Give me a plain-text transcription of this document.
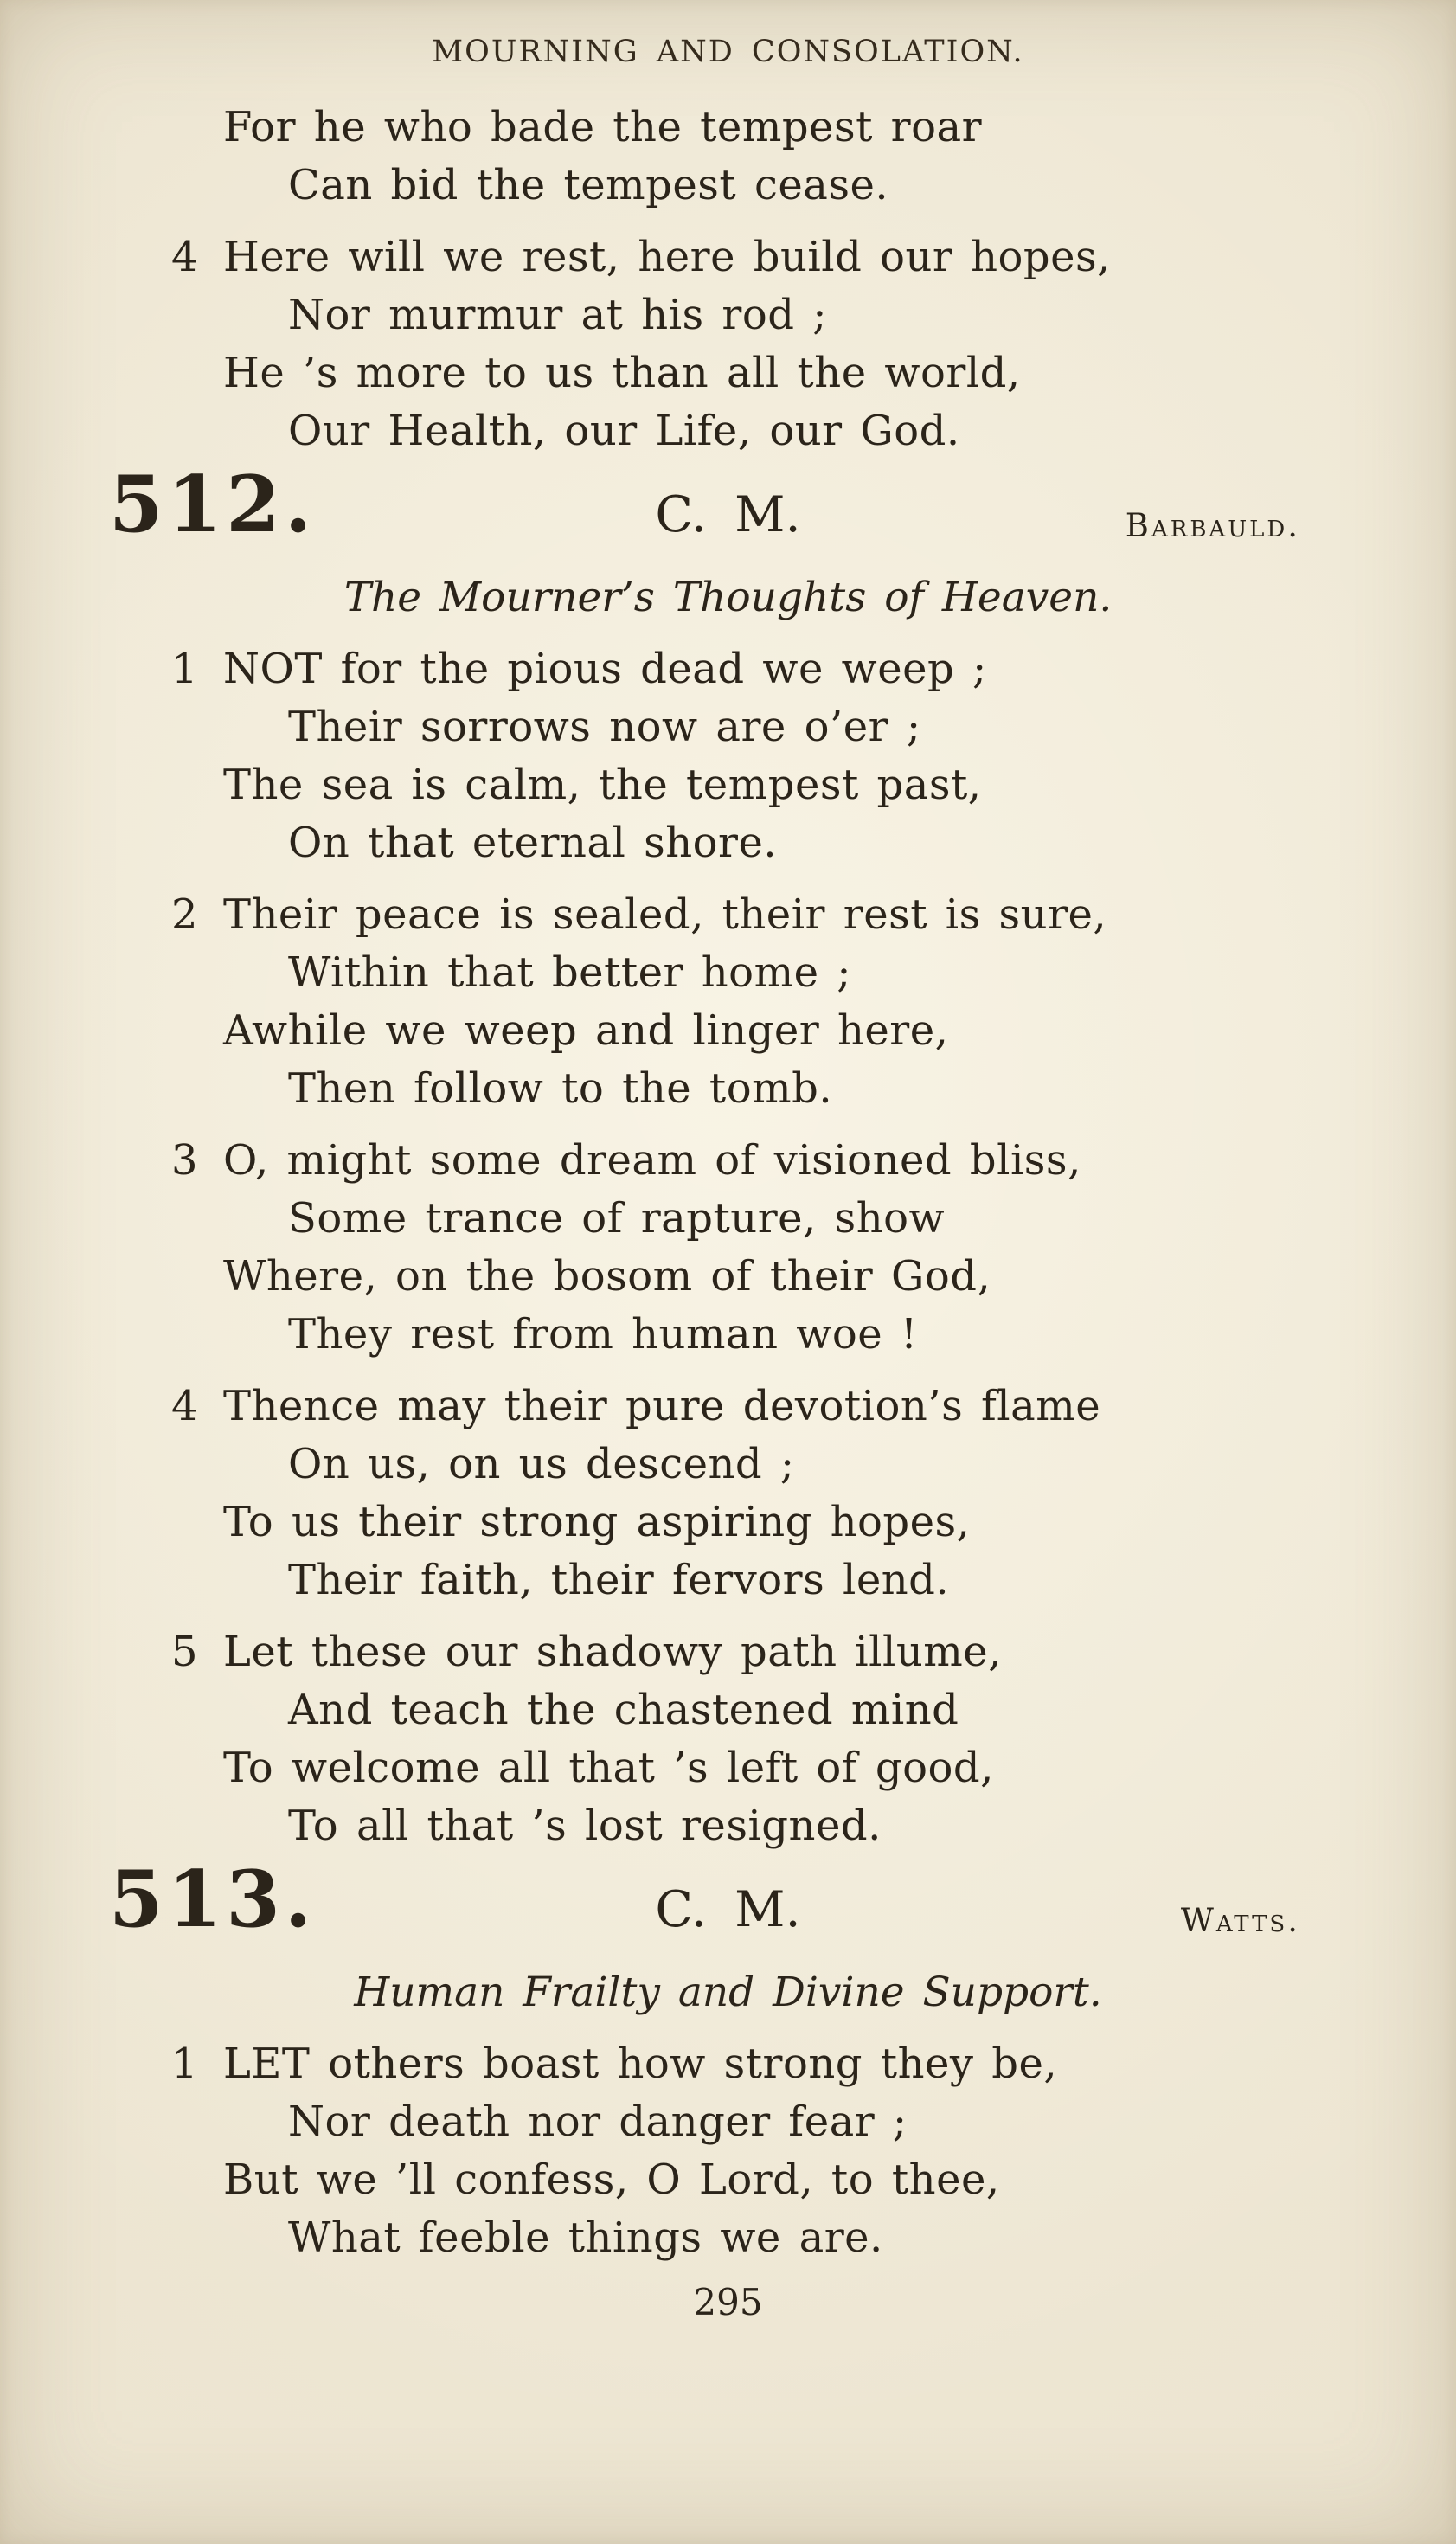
MOURNING AND CONSOLATION.
For he who bade the tempest roar
Can bid the tempest cease.
4 Here will we rest, here build our hopes,
Nor murmur at his rod ;
He ’s more to us than all the world,
Our Health, our Life, our God.
512.	C. M.	Barbauld.
The Mourner’s Thoughts of Heaven.
1 NOT for the pious dead we weep ;
Their sorrows now are o’er ;
The sea is calm, the tempest past,
On that eternal shore.
2 Their peace is sealed, their rest is sure,
Within that better home ;
Awhile we weep and linger here,
Then follow to the tomb.
3 O, might some dream of visioned bliss,
Some trance of rapture, show
Where, on the bosom of their God,
They rest from human woe !
4 Thence may their pure devotion’s flame
On us, on us descend ;
To us their strong aspiring hopes,
Their faith, their fervors lend.
5 Let these our shadowy path illume,
And teach the chastened mind
To welcome all that ’s left of good,
To all that ’s lost resigned.
513.	C. M.	Watts.
Human Frailty and Divine Support.
1 LET others boast how strong they be,
Nor death nor danger fear ;
But we ’ll confess, O Lord, to thee,
What feeble things we are.
295
